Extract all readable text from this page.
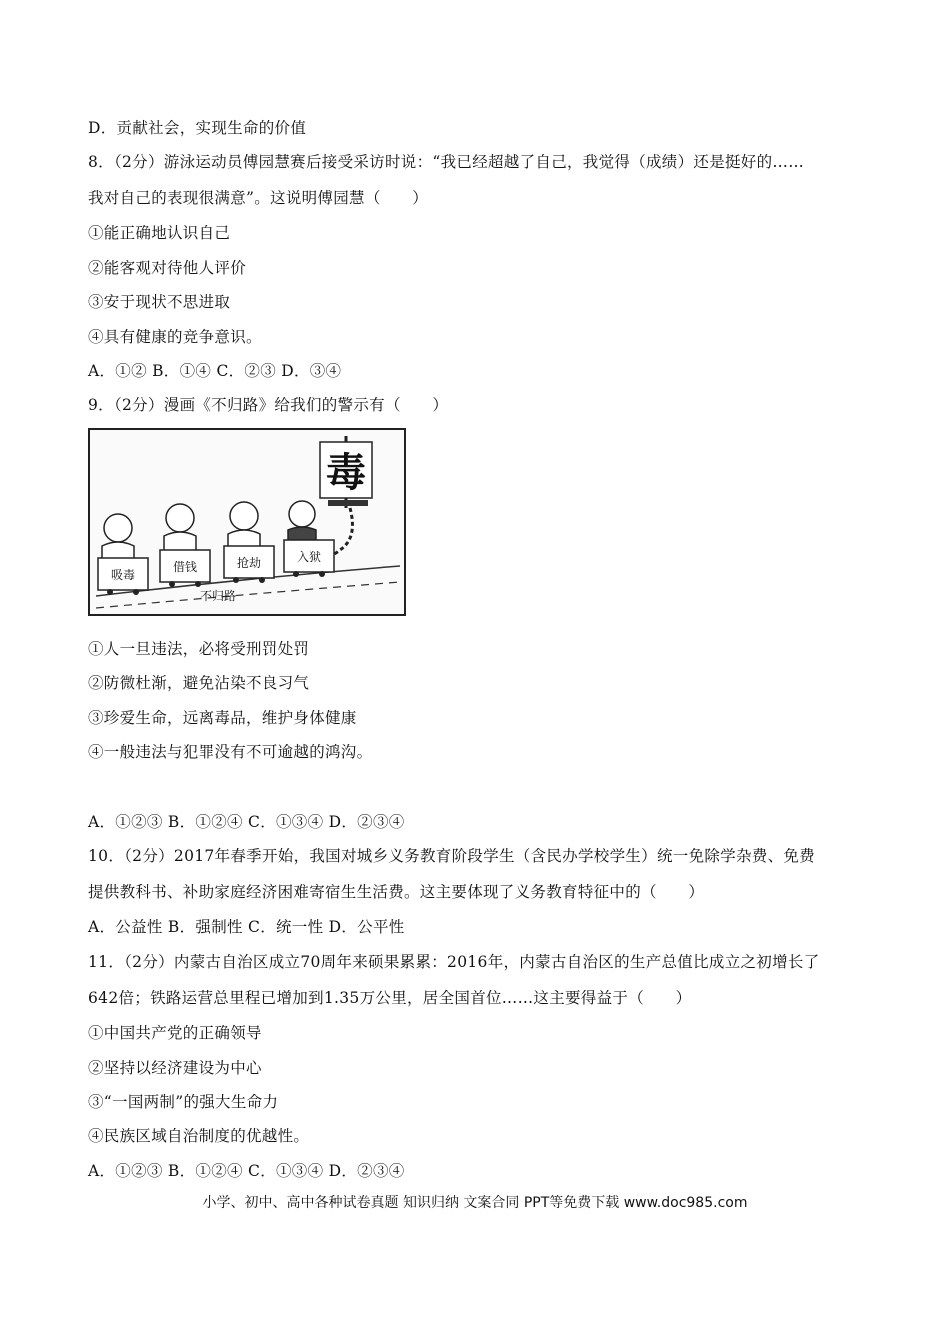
D．贡献社会，实现生命的价值
8．（2分）游泳运动员傅园慧赛后接受采访时说：“我已经超越了自己，我觉得（成绩）还是挺好的……
我对自己的表现很满意”。这说明傅园慧（　　）
①能正确地认识自己
②能客观对待他人评价
③安于现状不思进取
④具有健康的竞争意识。
A．①② B．①④ C．②③ D．③④
9．（2分）漫画《不归路》给我们的警示有（　　）
毒
吸毒
借钱	抢劫	入狱
不归路
①人一旦违法，必将受刑罚处罚
②防微杜渐，避免沾染不良习气
③珍爱生命，远离毒品，维护身体健康
④一般违法与犯罪没有不可逾越的鸿沟。
A．①②③ B．①②④ C．①③④ D．②③④
10．（2分）2017年春季开始，我国对城乡义务教育阶段学生（含民办学校学生）统一免除学杂费、免费
提供教科书、补助家庭经济困难寄宿生生活费。这主要体现了义务教育特征中的（　　）
A．公益性 B．强制性 C．统一性 D．公平性
11．（2分）内蒙古自治区成立70周年来硕果累累：2016年，内蒙古自治区的生产总值比成立之初增长了
642倍；铁路运营总里程已增加到1.35万公里，居全国首位……这主要得益于（　　）
①中国共产党的正确领导
②坚持以经济建设为中心
③“一国两制”的强大生命力
④民族区域自治制度的优越性。
A．①②③ B．①②④ C．①③④ D．②③④
小学、初中、高中各种试卷真题 知识归纳 文案合同 PPT等免费下载 www.doc985.com
